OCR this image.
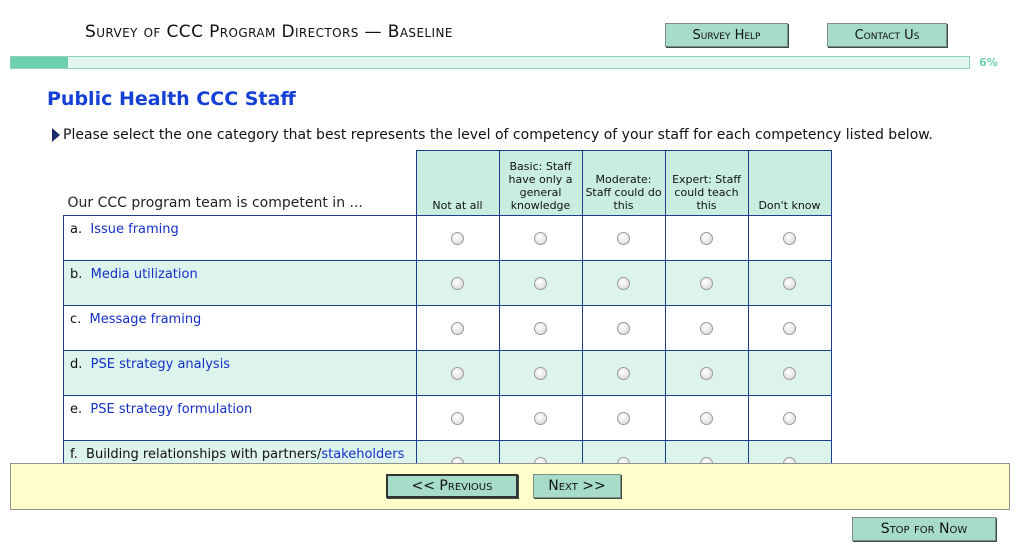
Survey of CCC Program Directors — Baseline	Survey Help	Contact Us
6%
Public Health CCC Staff
Please select the one category that best represents the level of competency of your staff for each competency listed below.
Our CCC program team is competent in ...	Not at all	Basic: Staff have only a general knowledge	Moderate: Staff could do this	Expert: Staff could teach this	Don't know
a. Issue framing					
b. Media utilization					
c. Message framing					
d. PSE strategy analysis					
e. PSE strategy formulation					
f. Building relationships with partners/stakeholders					
<< Previous	Next >>
Stop for Now
